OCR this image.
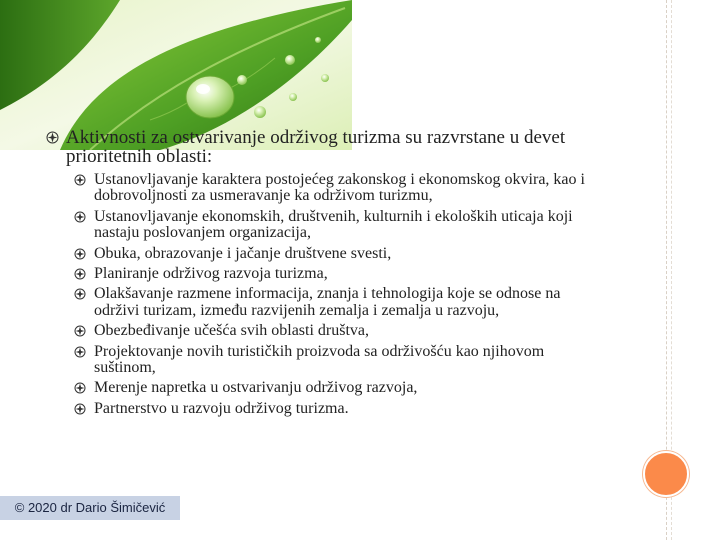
Aktivnosti za ostvarivanje održivog turizma su razvrstane u devet prioritetnih oblasti:
Ustanovljavanje karaktera postojećeg zakonskog i ekonomskog okvira, kao i dobrovoljnosti za usmeravanje ka održivom turizmu,
Ustanovljavanje ekonomskih, društvenih, kulturnih i ekoloških uticaja koji nastaju poslovanjem organizacija,
Obuka, obrazovanje i jačanje društvene svesti,
Planiranje održivog razvoja turizma,
Olakšavanje razmene informacija, znanja i tehnologija koje se odnose na održivi turizam, između razvijenih zemalja i zemalja u razvoju,
Obezbeđivanje učešća svih oblasti društva,
Projektovanje novih turističkih proizvoda sa održivošću kao njihovom suštinom,
Merenje napretka u ostvarivanju održivog razvoja,
Partnerstvo u razvoju održivog turizma.
© 2020 dr Dario Šimičević
